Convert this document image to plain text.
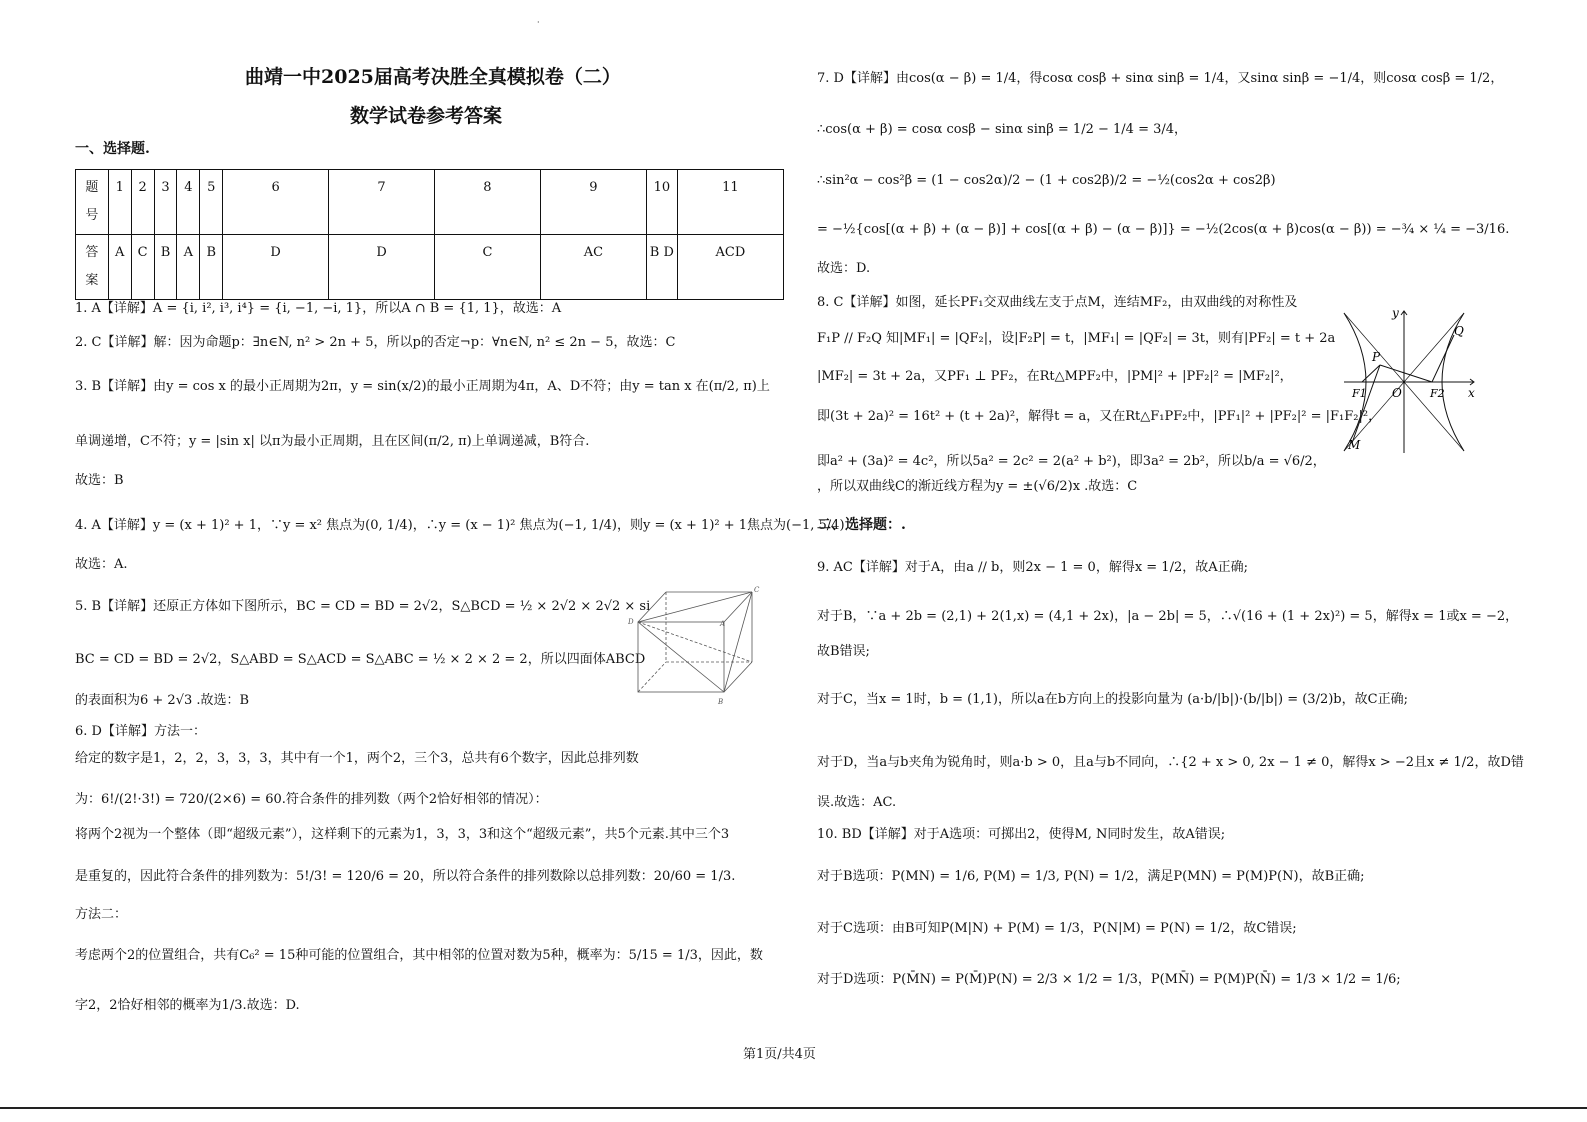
·
曲靖一中2025届高考决胜全真模拟卷（二）
数学试卷参考答案
一、选择题.
题
号	1	2	3	4	5	6	7	8	9	10	11
答
案	A	C	B	A	B	D	D	C	AC	B D	ACD
1. A【详解】A = {i, i², i³, i⁴} = {i, −1, −i, 1}，所以A ∩ B = {1, 1}，故选：A
2. C【详解】解：因为命题p：∃n∈N, n² > 2n + 5，所以p的否定¬p：∀n∈N, n² ≤ 2n − 5，故选：C
3. B【详解】由y = cos x 的最小正周期为2π，y = sin(x/2)的最小正周期为4π，A、D不符；由y = tan x 在(π/2, π)上
单调递增，C不符；y = |sin x| 以π为最小正周期，且在区间(π/2, π)上单调递减，B符合.
故选：B
4. A【详解】y = (x + 1)² + 1，∵y = x² 焦点为(0, 1/4)，∴y = (x − 1)² 焦点为(−1, 1/4)，则y = (x + 1)² + 1焦点为(−1, 5/4)
故选：A.
5. B【详解】还原正方体如下图所示，BC = CD = BD = 2√2，S△BCD = ½ × 2√2 × 2√2 × si
BC = CD = BD = 2√2，S△ABD = S△ACD = S△ABC = ½ × 2 × 2 = 2，所以四面体ABCD
的表面积为6 + 2√3 .故选：B
C
D	A
B
6. D【详解】方法一：
给定的数字是1，2，2，3，3，3，其中有一个1，两个2，三个3，总共有6个数字，因此总排列数
为：6!/(2!·3!) = 720/(2×6) = 60.符合条件的排列数（两个2恰好相邻的情况）：
将两个2视为一个整体（即“超级元素”），这样剩下的元素为1，3，3，3和这个“超级元素”，共5个元素.其中三个3
是重复的，因此符合条件的排列数为：5!/3! = 120/6 = 20，所以符合条件的排列数除以总排列数：20/60 = 1/3.
方法二：
考虑两个2的位置组合，共有C₆² = 15种可能的位置组合，其中相邻的位置对数为5种，概率为：5/15 = 1/3，因此，数
字2，2恰好相邻的概率为1/3.故选：D.
7. D【详解】由cos(α − β) = 1/4，得cosα cosβ + sinα sinβ = 1/4，又sinα sinβ = −1/4，则cosα cosβ = 1/2，
∴cos(α + β) = cosα cosβ − sinα sinβ = 1/2 − 1/4 = 3/4，
∴sin²α − cos²β = (1 − cos2α)/2 − (1 + cos2β)/2 = −½(cos2α + cos2β)
= −½{cos[(α + β) + (α − β)] + cos[(α + β) − (α − β)]} = −½(2cos(α + β)cos(α − β)) = −¾ × ¼ = −3/16.
故选：D.
8. C【详解】如图，延长PF₁交双曲线左支于点M，连结MF₂，由双曲线的对称性及
F₁P // F₂Q 知|MF₁| = |QF₂|，设|F₂P| = t，|MF₁| = |QF₂| = 3t，则有|PF₂| = t + 2a
|MF₂| = 3t + 2a，又PF₁ ⊥ PF₂，在Rt△MPF₂中，|PM|² + |PF₂|² = |MF₂|²，
即(3t + 2a)² = 16t² + (t + 2a)²，解得t = a，又在Rt△F₁PF₂中，|PF₁|² + |PF₂|² = |F₁F₂|²，
即a² + (3a)² = 4c²，所以5a² = 2c² = 2(a² + b²)，即3a² = 2b²，所以b/a = √6/2，
，所以双曲线C的渐近线方程为y = ±(√6/2)x .故选：C
P
Q
M
F1	F2
O	x
y
二、选择题：.
9. AC【详解】对于A，由a // b，则2x − 1 = 0，解得x = 1/2，故A正确;
对于B，∵a + 2b = (2,1) + 2(1,x) = (4,1 + 2x)，|a − 2b| = 5，∴√(16 + (1 + 2x)²) = 5，解得x = 1或x = −2，
故B错误;
对于C，当x = 1时，b = (1,1)，所以a在b方向上的投影向量为 (a·b/|b|)·(b/|b|) = (3/2)b，故C正确;
对于D，当a与b夹角为锐角时，则a·b > 0，且a与b不同向，∴{2 + x > 0, 2x − 1 ≠ 0，解得x > −2且x ≠ 1/2，故D错
误.故选：AC.
10. BD【详解】对于A选项：可掷出2，使得M, N同时发生，故A错误;
对于B选项：P(MN) = 1/6, P(M) = 1/3, P(N) = 1/2，满足P(MN) = P(M)P(N)，故B正确;
对于C选项：由B可知P(M|N) + P(M) = 1/3，P(N|M) = P(N) = 1/2，故C错误;
对于D选项：P(M̄N) = P(M̄)P(N) = 2/3 × 1/2 = 1/3，P(MN̄) = P(M)P(N̄) = 1/3 × 1/2 = 1/6;
第1页/共4页
